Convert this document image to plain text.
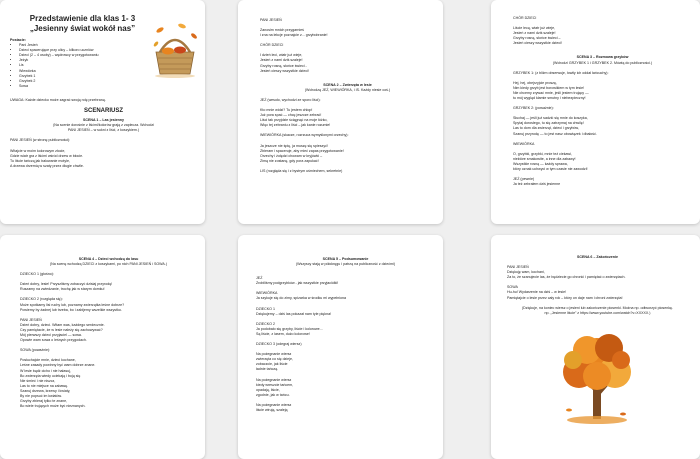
Przedstawienie dla klas 1- 3 „Jesienny świat wokół nas”
Postacie:
• Pani Jesień
• Dzieci spacerujące przy ulicy – kilkoro uczniów
• Dzieci (2 – 4 osoby) – wędrowcy w przygotowaniu
• Jeżyk
• Lis
• Wiewiórka
• Grzybek 1
• Grzybek 2
• Sowa
UWAGA: Każde dziecko może zagrać swoją rolę przebraną.
SCENARIUSZ
SCENA 1 – Las jesienny
(Na scenie dorośnie z liśćmi/kolorów grają z zaplecza. Wchodzi
PANI JESIEŃ – w sukni z liści, z koszykiem.)
PANI JESIEŃ (w stronę publiczności):
Witajcie w moim kolorowym złocie,
Gdzie wiatr gra z liśćmi wśród drzew w błocie.
Tu liście tańczą jak balowanie motyle,
A drzewa drzemią w szaty przez długie chwile.
PANI JESIEŃ
Zanosim mnich przygarnieś
i zna na lekcje poznajcie z... grzybobranie!
CHÓR DZIECI
I dzień leci, wiatr już wieje,
Jesień z nami dziś szaleje!
Grzyby rosną, słońce świeci -
Jesień cieszy wszystkie dzieci!
SCENA 2 – Zwierzęta w lesie
(Wchodzą JEŻ, WIEWIÓRKA, i IS. Każdy niesie coś.)
JEŻ (wesoło, wychodzi ze sporo liści):
Kto mnie widzi? Tu jestem chłop!
Już pora spać — chcę jeszcze zebrać!
Liści tak przyjdzie ściągnąć na moje łóżko,
Więc tej zebraniu z liści – jak kanie rozumie!
WIEWIÓRKA (skacze, rozrzuca wymyślonymi orzechy):
Ja jeszcze nie śpię, ja muszę się spieszyć!
Zbieram i spaceruje, aby mieć zapas przygotowanie!
Orzechy i żołędzi chowam w kryjówki –
Zimą nie zostanę, gdy pora zapukać!
LIS (rozgląda się i z bystrym uśmiechem, sekretnie)
CHÓR DZIECI
Liście lecą, wiatr już wieje,
Jesień z nami dziś szaleje!
Grzyby rosną, słońce świeci –
Jesień cieszy wszystkie dzieci!
SCENA 3 – Rozmowa grzybów
(Wchodzi GRZYBEK 1 i GRZYBEK 2. Mówią do publiczności.)
GRZYBEK 1: (z bliżm obserwuje, łowiły ich oddał łańcuchy):
Hej, hej, obejrzyjcie proszę,
Nim kiedy grzyb jest borowikiem w tym lesie!
Nie chcemy zrywać mnie, jeśli jestem trujący —
tu mój wygląd kłamie smutny i niebezpieczny!
GRZYBEK 2: (poważnie):
Słuchaj — jeśli już sadzić się mnie do koszyka,
Spytaj dorosłego, tu się zatrzymaj na chwilę!
Las to dom dla zwierząt, dzieci i grzybów,
Szanuj przyrodę — to jest nasz obowiązek i dbałość.
WIEWIÓRKA
O, grzybki, grzybki, mnie też ciekawi,
niektóre smakowite, a inne dla zabawy!
Wszystkie rosną — każdy sprawa,
który oznak uchwyci w tym czasie nie zawodzi!
JEŻ (pewnie)
Ja też zebrałem dziś jesienne
SCENA 4 – Dzieci wchodzą do lasu
(Na scenę wchodzą DZIECI z koszykami, po nich PANI JESIEŃ i SOWA.)
DZIECKO 1 (głośno):
Dzień dobry, lesie! Przyszliśmy zobaczyć dzisiaj przyrodę!
Ruszamy na zwiedzanie, trochę jak w starym domku!
DZIECKO 2 (rozgląda się):
Może spotkamy lisi ruchy lub, poznamy zwierzątka leśne dobrze?
Powiemy by żadnej lub trzeba, bo i zabijemy wszelkie wszystko.
PANI JESIEŃ
Dzień dobry, dzieci. Witam was, każdego serdecznie.
Czy pamiętacie, że w lesie należy się zachowywać?
Mój pierwszy dzieci przyjaciel — sowa.
Opowie wam sowa o leśnych przygodach.
SOWA (poważnie):
Posłuchajcie mnie, dzieci kochane,
Leśne zasady powinny być wam dobrze znane.
W lesie bądź cicho i nie hałasuj,
Bo zwierzęta wtedy uciekają i boją się
Nie śmieć i nie niszcz,
Las to nie miejsce na zabawę.
Szanuj drzewa, krzewy i kwiaty,
By nie popsuć im kwiatów.
Grzyby zbieraj tylko te znane,
Bo wiele trujących może być nieznanych.
SCENA 5 – Podsumowanie
(Wszyscy stają w półokręgu i patrzą na publiczność z dziećmi)
JEŻ
Zrobiliśmy podgrzybków - jak wszystkie przyjaciółki!
WIEWIÓRKA
Ja szykuje się do zimy, spizarka w środku mi wypełniona
DZIECKO 1
Dziękujemy – dziś las pokazał nam tyle piękna!
DZIECKO 2
Ja podobało się grzyby, liście i kolorowe...
Są liście, z lasem, dużo kolorowe!
DZIECKO 3 (odegraj wiersz)
Na pożegnanie wiersz
zwierzęta co się dzieje,
zobaczcie, jak liście
ładnie tańczą.
Na pożegnanie wiersz
kiedy wreszcie tańcem,
opadają, liście,
zgodnie, jak w tańcu.
Na pożegnanie wiersz
liście wirują, szaleją
SCENA 6 – Zakończenie
PANI JESIEŃ
Dziękuję wam, kochani,
Za to, że szanujecie las, że będziecie go chronić i pamiętać o zwierzętach.
SOWA
Hu-hu! Wydarzenie na dziś – w lesie!
Pamiętajcie o lesie przez cały rok – który on daje nam i chroni zwierzęta!
(Dziękuje, na koniec wiersz o jesieni lub zakończenie piosenki. Można np. odtworzyć piosenkę.
np. „Jesienne liście” z https://www.youtube.com/watch?v=XXXXX.)
